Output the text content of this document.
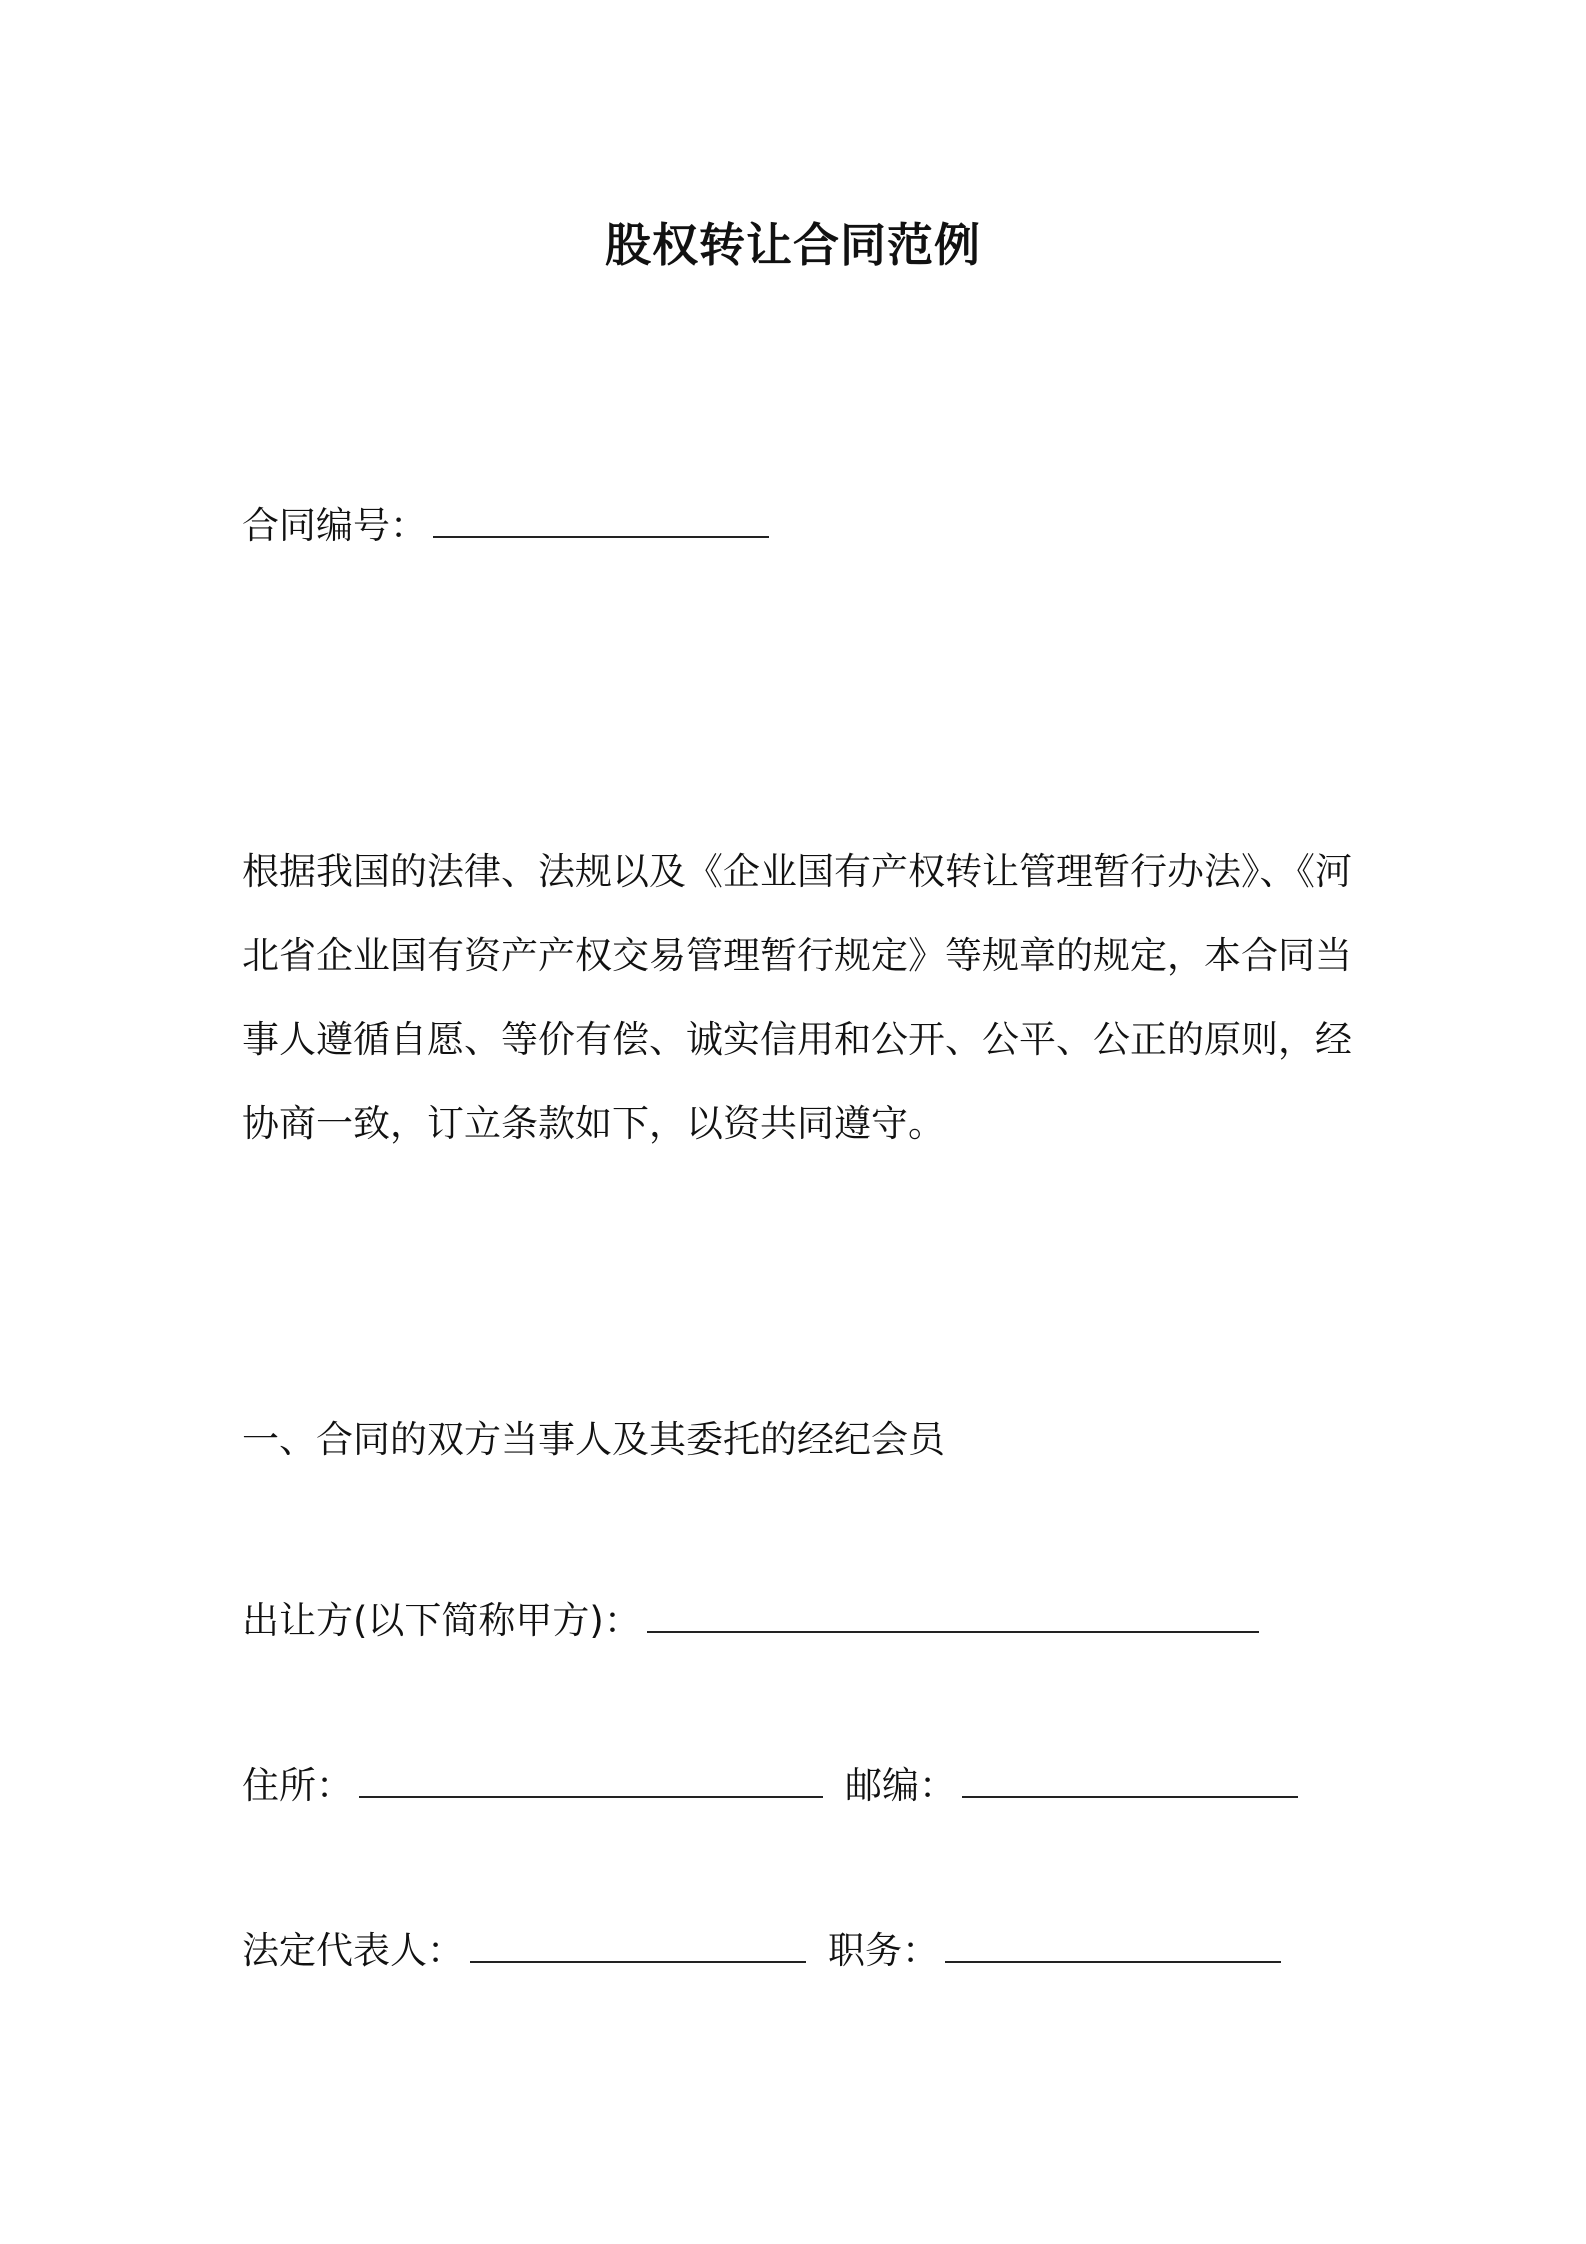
股权转让合同范例
合同编号：
根据我国的法律、法规以及《企业国有产权转让管理暂行办法》、《河
北省企业国有资产产权交易管理暂行规定》等规章的规定，本合同当
事人遵循自愿、等价有偿、诚实信用和公开、公平、公正的原则，经
协商一致，订立条款如下，以资共同遵守。
一、合同的双方当事人及其委托的经纪会员
出让方(以下简称甲方)：
住所：	邮编：
法定代表人：	职务：
